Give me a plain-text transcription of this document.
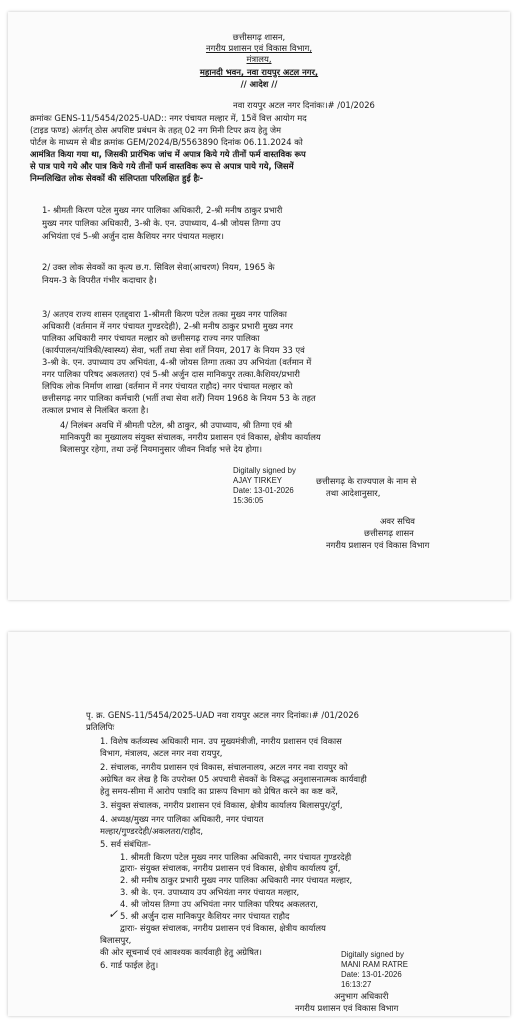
छत्तीसगढ़ शासन,
नगरीय प्रशासन एवं विकास विभाग,
मंत्रालय,
महानदी भवन, नवा रायपुर अटल नगर,
// आदेश //
नवा रायपुर अटल नगर दिनांकः।# /01/2026
क्रमांकः GENS-11/5454/2025-UAD:: नगर पंचायत मल्हार में, 15वें वित्त आयोग मद
(टाइड फण्ड) अंतर्गत् ठोस अपशिष्ट प्रबंधन के तहत् 02 नग मिनी टिपर क्रय हेतु जेम
पोर्टल के माध्यम से बीड क्रमांक GEM/2024/B/5563890 दिनांक 06.11.2024 को
आमंत्रित किया गया था, जिसकी प्रारंभिक जांच में अपात्र किये गये तीनों फर्म वास्तविक रूप
से पात्र पाये गये और पात्र किये गये तीनों फर्म वास्तविक रूप से अपात्र पाये गये, जिसमें
निम्नलिखित लोक सेवकों की संलिप्तता परिलक्षित हुई हैः-
1- श्रीमती किरण पटेल मुख्य नगर पालिका अधिकारी, 2-श्री मनीष ठाकुर प्रभारी
मुख्य नगर पालिका अधिकारी, 3-श्री के. एन. उपाध्याय, 4-श्री जोयस तिग्गा उप
अभियंता एवं 5-श्री अर्जुन दास कैशियर नगर पंचायत मल्हार।
2/ उक्त लोक सेवकों का कृत्य छ.ग. सिविल सेवा(आचरण) नियम, 1965 के
नियम-3 के विपरीत गंभीर कदाचार है।
3/ अतएव राज्य शासन एतद्द्वारा 1-श्रीमती किरण पटेल तत्का मुख्य नगर पालिका
अधिकारी (वर्तमान में नगर पंचायत गुण्डरदेही), 2-श्री मनीष ठाकुर प्रभारी मुख्य नगर
पालिका अधिकारी नगर पंचायत मल्हार को छत्तीसगढ़ राज्य नगर पालिका
(कार्यपालन/यांत्रिकी/स्वास्थ्य) सेवा, भर्ती तथा सेवा शर्तें नियम, 2017 के नियम 33 एवं
3-श्री के. एन. उपाध्याय उप अभियंता, 4-श्री जोयस तिग्गा तत्का उप अभियंता (वर्तमान में
नगर पालिका परिषद अकलतरा) एवं 5-श्री अर्जुन दास मानिकपुर तत्का.कैशियर/प्रभारी
लिपिक लोक निर्माण शाखा (वर्तमान में नगर पंचायत राहौद) नगर पंचायत मल्हार को
छत्तीसगढ़ नगर पालिका कर्मचारी (भर्ती तथा सेवा शर्तें) नियम 1968 के नियम 53 के तहत
तत्काल प्रभाव से निलंबित करता है।
4/ निलंबन अवधि में श्रीमती पटेल, श्री ठाकुर, श्री उपाध्याय, श्री तिग्गा एवं श्री
मानिकपुरी का मुख्यालय संयुक्त संचालक, नगरीय प्रशासन एवं विकास, क्षेत्रीय कार्यालय
बिलासपुर रहेगा, तथा उन्हें नियमानुसार जीवन निर्वाह भत्ते देय होगा।
Digitally signed by
AJAY TIRKEY
Date: 13-01-2026
15:36:05
छत्तीसगढ़ के राज्यपाल के नाम से
तथा आदेशानुसार,
अवर सचिव
छत्तीसगढ़ शासन
नगरीय प्रशासन एवं विकास विभाग
पृ. क्र. GENS-11/5454/2025-UAD नवा रायपुर अटल नगर दिनांकः।# /01/2026
प्रतिलिपिः
1. विशेष कर्तव्यस्थ अधिकारी मान. उप मुख्यमंत्रीजी, नगरीय प्रशासन एवं विकास
विभाग, मंत्रालय, अटल नगर नवा रायपुर,
2. संचालक, नगरीय प्रशासन एवं विकास, संचालनालय, अटल नगर नवा रायपुर को
अग्रेषित कर लेख है कि उपरोक्त 05 अपचारी सेवकों के विरूद्ध अनुशासनात्मक कार्यवाही
हेतु समय-सीमा में आरोप पत्रादि का प्रारूप विभाग को प्रेषित करने का कष्ट करें,
3. संयुक्त संचालक, नगरीय प्रशासन एवं विकास, क्षेत्रीय कार्यालय बिलासपुर/दुर्ग,
4. अध्यक्ष/मुख्य नगर पालिका अधिकारी, नगर पंचायत
मल्हार/गुण्डरदेही/अकलतरा/राहौद,
5. सर्व संबंधितः-
1. श्रीमती किरण पटेल मुख्य नगर पालिका अधिकारी, नगर पंचायत गुण्डरदेही
द्वाराः- संयुक्त संचालक, नगरीय प्रशासन एवं विकास, क्षेत्रीय कार्यालय दुर्ग,
2. श्री मनीष ठाकुर प्रभारी मुख्य नगर पालिका अधिकारी नगर पंचायत मल्हार,
3. श्री के. एन. उपाध्याय उप अभियंता नगर पंचायत मल्हार,
4. श्री जोयस तिग्गा उप अभियंता नगर पालिका परिषद अकलतरा,
5. श्री अर्जुन दास मानिकपुर कैशियर नगर पंचायत राहौद
द्वाराः- संयुक्त संचालक, नगरीय प्रशासन एवं विकास, क्षेत्रीय कार्यालय
बिलासपुर,
की ओर सूचनार्थ एवं आवश्यक कार्यवाही हेतु अग्रेषित।
6. गार्ड फाईल हेतु।
✓
Digitally signed by
MANI RAM RATRE
Date: 13-01-2026
16:13:27
अनुभाग अधिकारी
नगरीय प्रशासन एवं विकास विभाग
